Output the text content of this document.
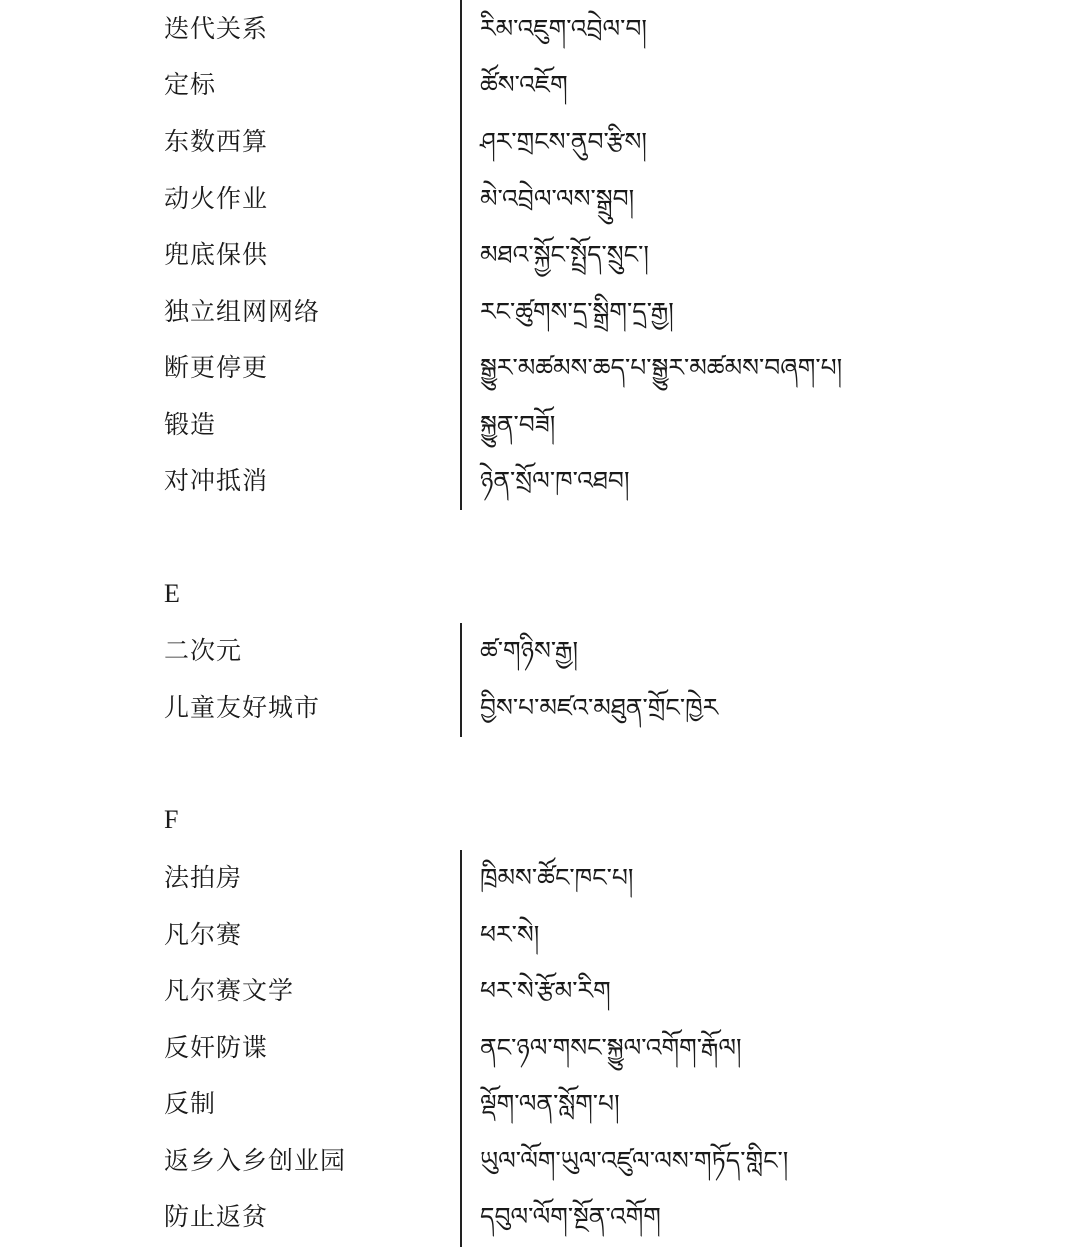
迭代关系	རིམ་འཇུག་འབྲེལ་བ།
定标	ཚོས་འཇོག
东数西算	ཤར་གྲངས་ནུབ་རྩིས།
动火作业	མེ་འབྲེལ་ལས་སྒྲུབ།
兜底保供	མཐའ་སྐྱོང་སྤྲོད་སྲུང་།
独立组网网络	རང་ཚུགས་དྲ་སྒྲིག་དྲ་རྒྱ།
断更停更	སྒྱུར་མཚམས་ཆད་པ་སྒྱུར་མཚམས་བཞག་པ།
锻造	སྐྱུན་བཟོ།
对冲抵消	ཉེན་སྲོལ་ཁ་འཐབ།
E
二次元	ཚ་གཉིས་རྒྱ།
儿童友好城市	བྱིས་པ་མཛའ་མཐུན་གྲོང་ཁྱེར
F
法拍房	ཁྲིམས་ཚོང་ཁང་པ།
凡尔赛	ཕར་སེ།
凡尔赛文学	ཕར་སེ་རྩོམ་རིག
反奸防谍	ནང་ཉལ་གསང་སྐྱུལ་འགོག་རྒོལ།
反制	ལྡོག་ལན་སློག་པ།
返乡入乡创业园	ཡུལ་ལོག་ཡུལ་འཛུལ་ལས་གཏོད་གླིང་།
防止返贫	དབུལ་ལོག་སྔོན་འགོག
